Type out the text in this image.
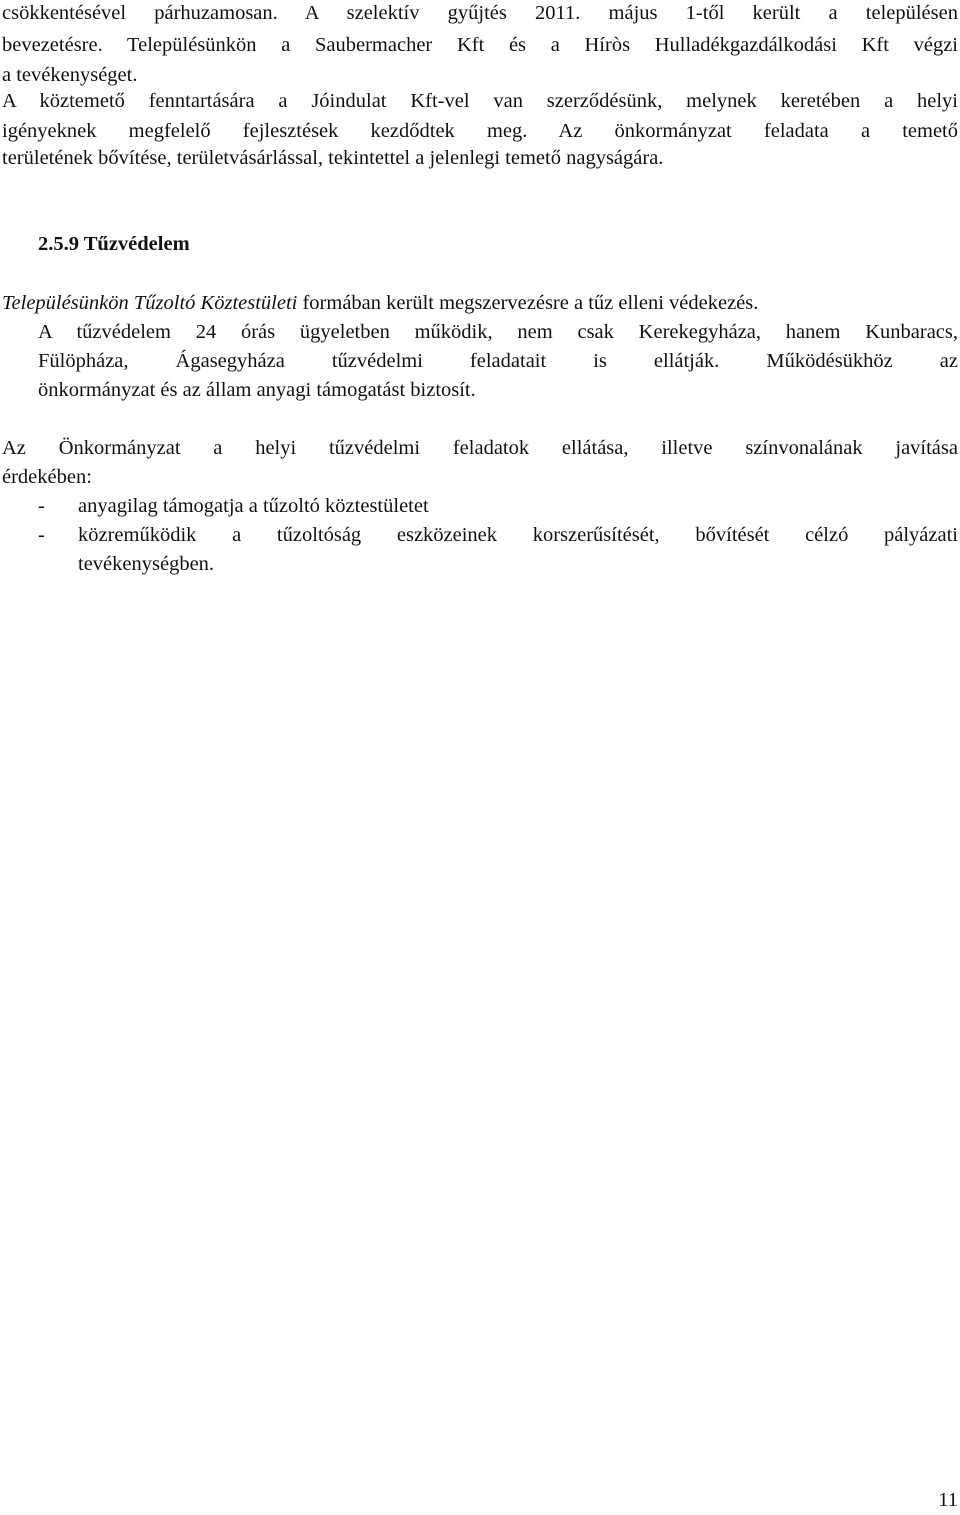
csökkentésével párhuzamosan. A szelektív gyűjtés 2011. május 1-től került a településen
bevezetésre. Településünkön a Saubermacher Kft és a Híròs Hulladékgazdálkodási Kft végzi
a tevékenységet.
A köztemető fenntartására a Jóindulat Kft-vel van szerződésünk, melynek keretében a helyi
igényeknek megfelelő fejlesztések kezdődtek meg. Az önkormányzat feladata a temető
területének bővítése, területvásárlással, tekintettel a jelenlegi temető nagyságára.
2.5.9 Tűzvédelem
Településünkön Tűzoltó Köztestületi formában került megszervezésre a tűz elleni védekezés.
A tűzvédelem 24 órás ügyeletben működik, nem csak Kerekegyháza, hanem Kunbaracs,
Fülöpháza, Ágasegyháza tűzvédelmi feladatait is ellátják. Működésükhöz az
önkormányzat és az állam anyagi támogatást biztosít.
Az Önkormányzat a helyi tűzvédelmi feladatok ellátása, illetve színvonalának javítása
érdekében:
- anyagilag támogatja a tűzoltó köztestületet
- közreműködik a tűzoltóság eszközeinek korszerűsítését, bővítését célzó pályázati
tevékenységben.
11
